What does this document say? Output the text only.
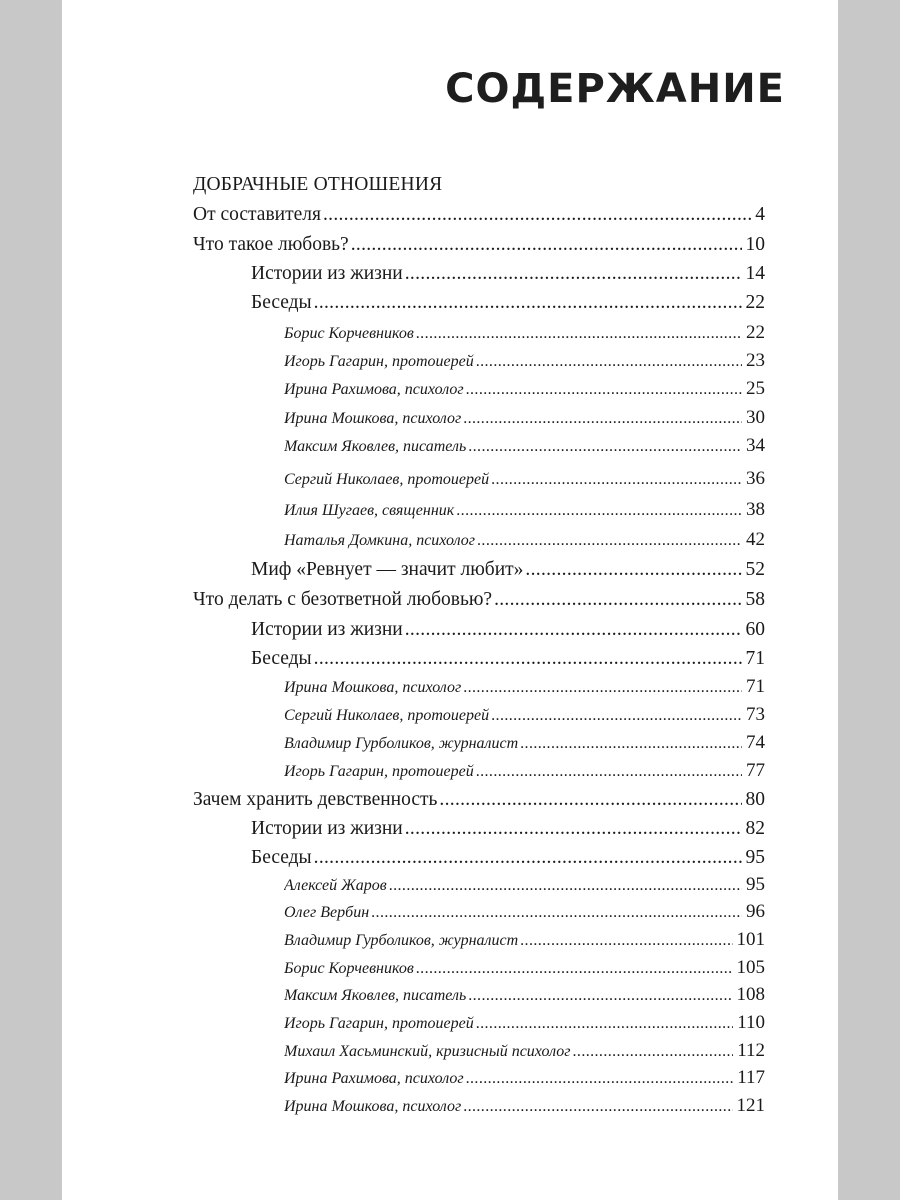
СОДЕРЖАНИЕ
ДОБРАЧНЫЕ ОТНОШЕНИЯ
От составителя .....	4
Что такое любовь? .....	10
Истории из жизни .....	14
Беседы .....	22
Борис Корчевников .....	22
Игорь Гагарин, протоиерей .....	23
Ирина Рахимова, психолог .....	25
Ирина Мошкова, психолог .....	30
Максим Яковлев, писатель .....	34
Сергий Николаев, протоиерей .....	36
Илия Шугаев, священник .....	38
Наталья Домкина, психолог .....	42
Миф «Ревнует — значит любит» .....	52
Что делать с безответной любовью? .....	58
Истории из жизни .....	60
Беседы .....	71
Ирина Мошкова, психолог .....	71
Сергий Николаев, протоиерей .....	73
Владимир Гурболиков, журналист .....	74
Игорь Гагарин, протоиерей .....	77
Зачем хранить девственность .....	80
Истории из жизни .....	82
Беседы .....	95
Алексей Жаров .....	95
Олег Вербин .....	96
Владимир Гурболиков, журналист .....	101
Борис Корчевников .....	105
Максим Яковлев, писатель .....	108
Игорь Гагарин, протоиерей .....	110
Михаил Хасьминский, кризисный психолог .....	112
Ирина Рахимова, психолог .....	117
Ирина Мошкова, психолог .....	121
